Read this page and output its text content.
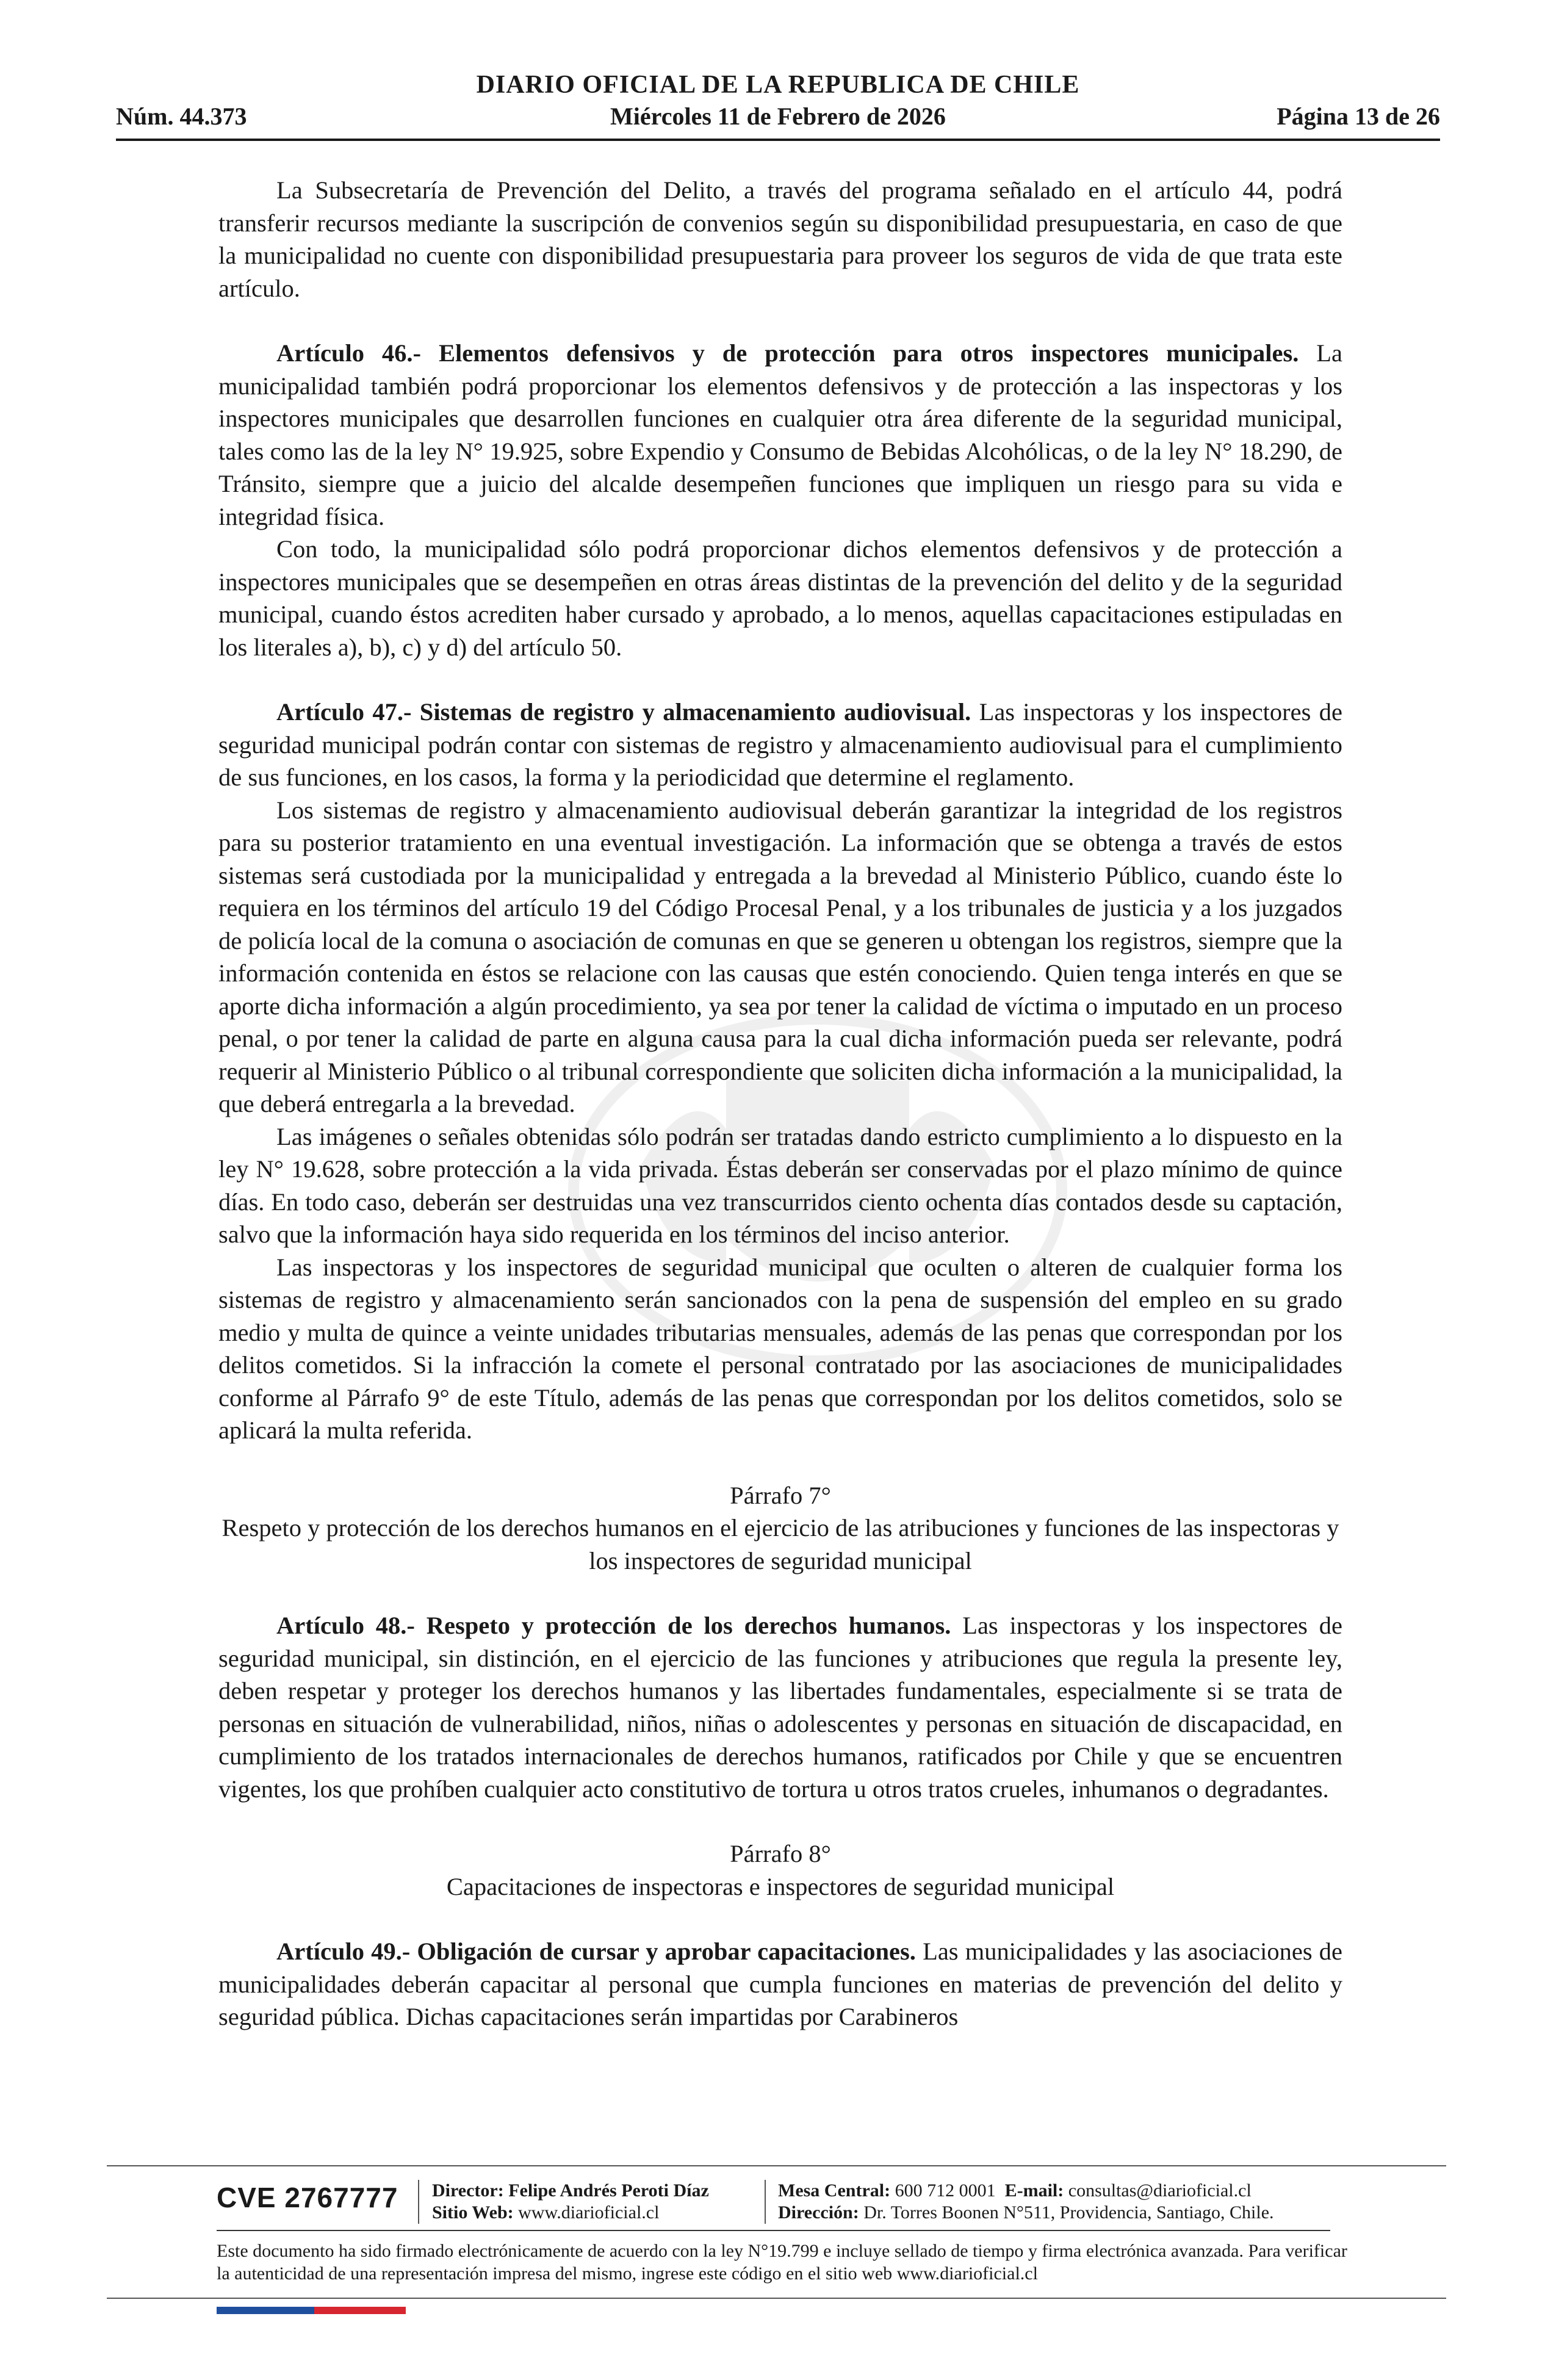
DIARIO OFICIAL DE LA REPUBLICA DE CHILE
Núm. 44.373	Miércoles 11 de Febrero de 2026	Página 13 de 26

La Subsecretaría de Prevención del Delito, a través del programa señalado en el artículo 44, podrá transferir recursos mediante la suscripción de convenios según su disponibilidad presupuestaria, en caso de que la municipalidad no cuente con disponibilidad presupuestaria para proveer los seguros de vida de que trata este artículo.

Artículo 46.- Elementos defensivos y de protección para otros inspectores municipales. La municipalidad también podrá proporcionar los elementos defensivos y de protección a las inspectoras y los inspectores municipales que desarrollen funciones en cualquier otra área diferente de la seguridad municipal, tales como las de la ley N° 19.925, sobre Expendio y Consumo de Bebidas Alcohólicas, o de la ley N° 18.290, de Tránsito, siempre que a juicio del alcalde desempeñen funciones que impliquen un riesgo para su vida e integridad física.

Con todo, la municipalidad sólo podrá proporcionar dichos elementos defensivos y de protección a inspectores municipales que se desempeñen en otras áreas distintas de la prevención del delito y de la seguridad municipal, cuando éstos acrediten haber cursado y aprobado, a lo menos, aquellas capacitaciones estipuladas en los literales a), b), c) y d) del artículo 50.

Artículo 47.- Sistemas de registro y almacenamiento audiovisual. Las inspectoras y los inspectores de seguridad municipal podrán contar con sistemas de registro y almacenamiento audiovisual para el cumplimiento de sus funciones, en los casos, la forma y la periodicidad que determine el reglamento.

Los sistemas de registro y almacenamiento audiovisual deberán garantizar la integridad de los registros para su posterior tratamiento en una eventual investigación. La información que se obtenga a través de estos sistemas será custodiada por la municipalidad y entregada a la brevedad al Ministerio Público, cuando éste lo requiera en los términos del artículo 19 del Código Procesal Penal, y a los tribunales de justicia y a los juzgados de policía local de la comuna o asociación de comunas en que se generen u obtengan los registros, siempre que la información contenida en éstos se relacione con las causas que estén conociendo. Quien tenga interés en que se aporte dicha información a algún procedimiento, ya sea por tener la calidad de víctima o imputado en un proceso penal, o por tener la calidad de parte en alguna causa para la cual dicha información pueda ser relevante, podrá requerir al Ministerio Público o al tribunal correspondiente que soliciten dicha información a la municipalidad, la que deberá entregarla a la brevedad.

Las imágenes o señales obtenidas sólo podrán ser tratadas dando estricto cumplimiento a lo dispuesto en la ley N° 19.628, sobre protección a la vida privada. Éstas deberán ser conservadas por el plazo mínimo de quince días. En todo caso, deberán ser destruidas una vez transcurridos ciento ochenta días contados desde su captación, salvo que la información haya sido requerida en los términos del inciso anterior.

Las inspectoras y los inspectores de seguridad municipal que oculten o alteren de cualquier forma los sistemas de registro y almacenamiento serán sancionados con la pena de suspensión del empleo en su grado medio y multa de quince a veinte unidades tributarias mensuales, además de las penas que correspondan por los delitos cometidos. Si la infracción la comete el personal contratado por las asociaciones de municipalidades conforme al Párrafo 9° de este Título, además de las penas que correspondan por los delitos cometidos, solo se aplicará la multa referida.

Párrafo 7°

Respeto y protección de los derechos humanos en el ejercicio de las atribuciones y funciones de las inspectoras y los inspectores de seguridad municipal

Artículo 48.- Respeto y protección de los derechos humanos. Las inspectoras y los inspectores de seguridad municipal, sin distinción, en el ejercicio de las funciones y atribuciones que regula la presente ley, deben respetar y proteger los derechos humanos y las libertades fundamentales, especialmente si se trata de personas en situación de vulnerabilidad, niños, niñas o adolescentes y personas en situación de discapacidad, en cumplimiento de los tratados internacionales de derechos humanos, ratificados por Chile y que se encuentren vigentes, los que prohíben cualquier acto constitutivo de tortura u otros tratos crueles, inhumanos o degradantes.

Párrafo 8°

Capacitaciones de inspectoras e inspectores de seguridad municipal

Artículo 49.- Obligación de cursar y aprobar capacitaciones. Las municipalidades y las asociaciones de municipalidades deberán capacitar al personal que cumpla funciones en materias de prevención del delito y seguridad pública. Dichas capacitaciones serán impartidas por Carabineros

CVE 2767777 Director: Felipe Andrés Peroti Díaz
Sitio Web: www.diarioficial.cl
Mesa Central: 600 712 0001 E-mail: consultas@diarioficial.cl
Dirección: Dr. Torres Boonen N°511, Providencia, Santiago, Chile.
Este documento ha sido firmado electrónicamente de acuerdo con la ley N°19.799 e incluye sellado de tiempo y firma electrónica avanzada. Para verificar la autenticidad de una representación impresa del mismo, ingrese este código en el sitio web www.diarioficial.cl
